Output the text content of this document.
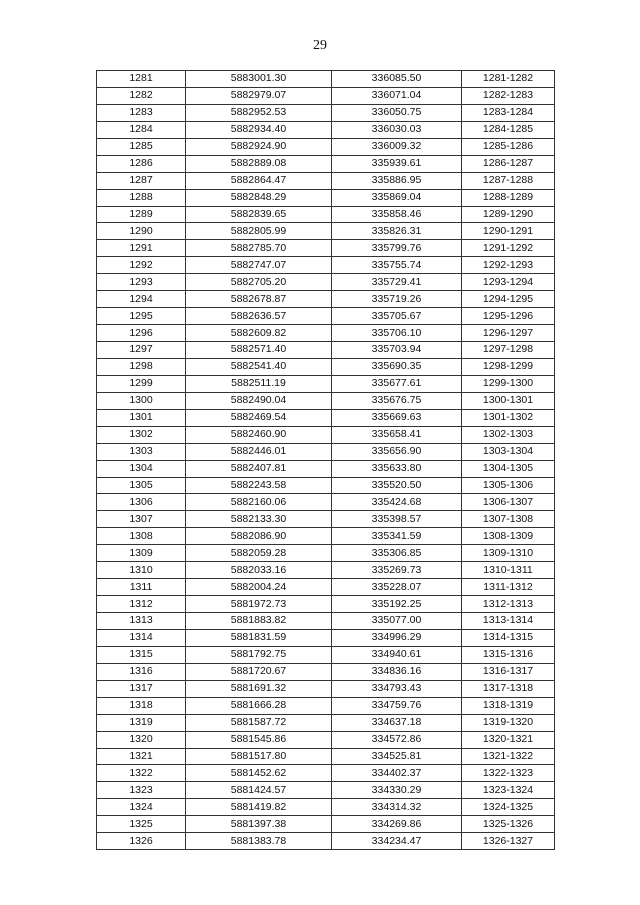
29
1281	5883001.30	336085.50	1281-1282
1282	5882979.07	336071.04	1282-1283
1283	5882952.53	336050.75	1283-1284
1284	5882934.40	336030.03	1284-1285
1285	5882924.90	336009.32	1285-1286
1286	5882889.08	335939.61	1286-1287
1287	5882864.47	335886.95	1287-1288
1288	5882848.29	335869.04	1288-1289
1289	5882839.65	335858.46	1289-1290
1290	5882805.99	335826.31	1290-1291
1291	5882785.70	335799.76	1291-1292
1292	5882747.07	335755.74	1292-1293
1293	5882705.20	335729.41	1293-1294
1294	5882678.87	335719.26	1294-1295
1295	5882636.57	335705.67	1295-1296
1296	5882609.82	335706.10	1296-1297
1297	5882571.40	335703.94	1297-1298
1298	5882541.40	335690.35	1298-1299
1299	5882511.19	335677.61	1299-1300
1300	5882490.04	335676.75	1300-1301
1301	5882469.54	335669.63	1301-1302
1302	5882460.90	335658.41	1302-1303
1303	5882446.01	335656.90	1303-1304
1304	5882407.81	335633.80	1304-1305
1305	5882243.58	335520.50	1305-1306
1306	5882160.06	335424.68	1306-1307
1307	5882133.30	335398.57	1307-1308
1308	5882086.90	335341.59	1308-1309
1309	5882059.28	335306.85	1309-1310
1310	5882033.16	335269.73	1310-1311
1311	5882004.24	335228.07	1311-1312
1312	5881972.73	335192.25	1312-1313
1313	5881883.82	335077.00	1313-1314
1314	5881831.59	334996.29	1314-1315
1315	5881792.75	334940.61	1315-1316
1316	5881720.67	334836.16	1316-1317
1317	5881691.32	334793.43	1317-1318
1318	5881666.28	334759.76	1318-1319
1319	5881587.72	334637.18	1319-1320
1320	5881545.86	334572.86	1320-1321
1321	5881517.80	334525.81	1321-1322
1322	5881452.62	334402.37	1322-1323
1323	5881424.57	334330.29	1323-1324
1324	5881419.82	334314.32	1324-1325
1325	5881397.38	334269.86	1325-1326
1326	5881383.78	334234.47	1326-1327
